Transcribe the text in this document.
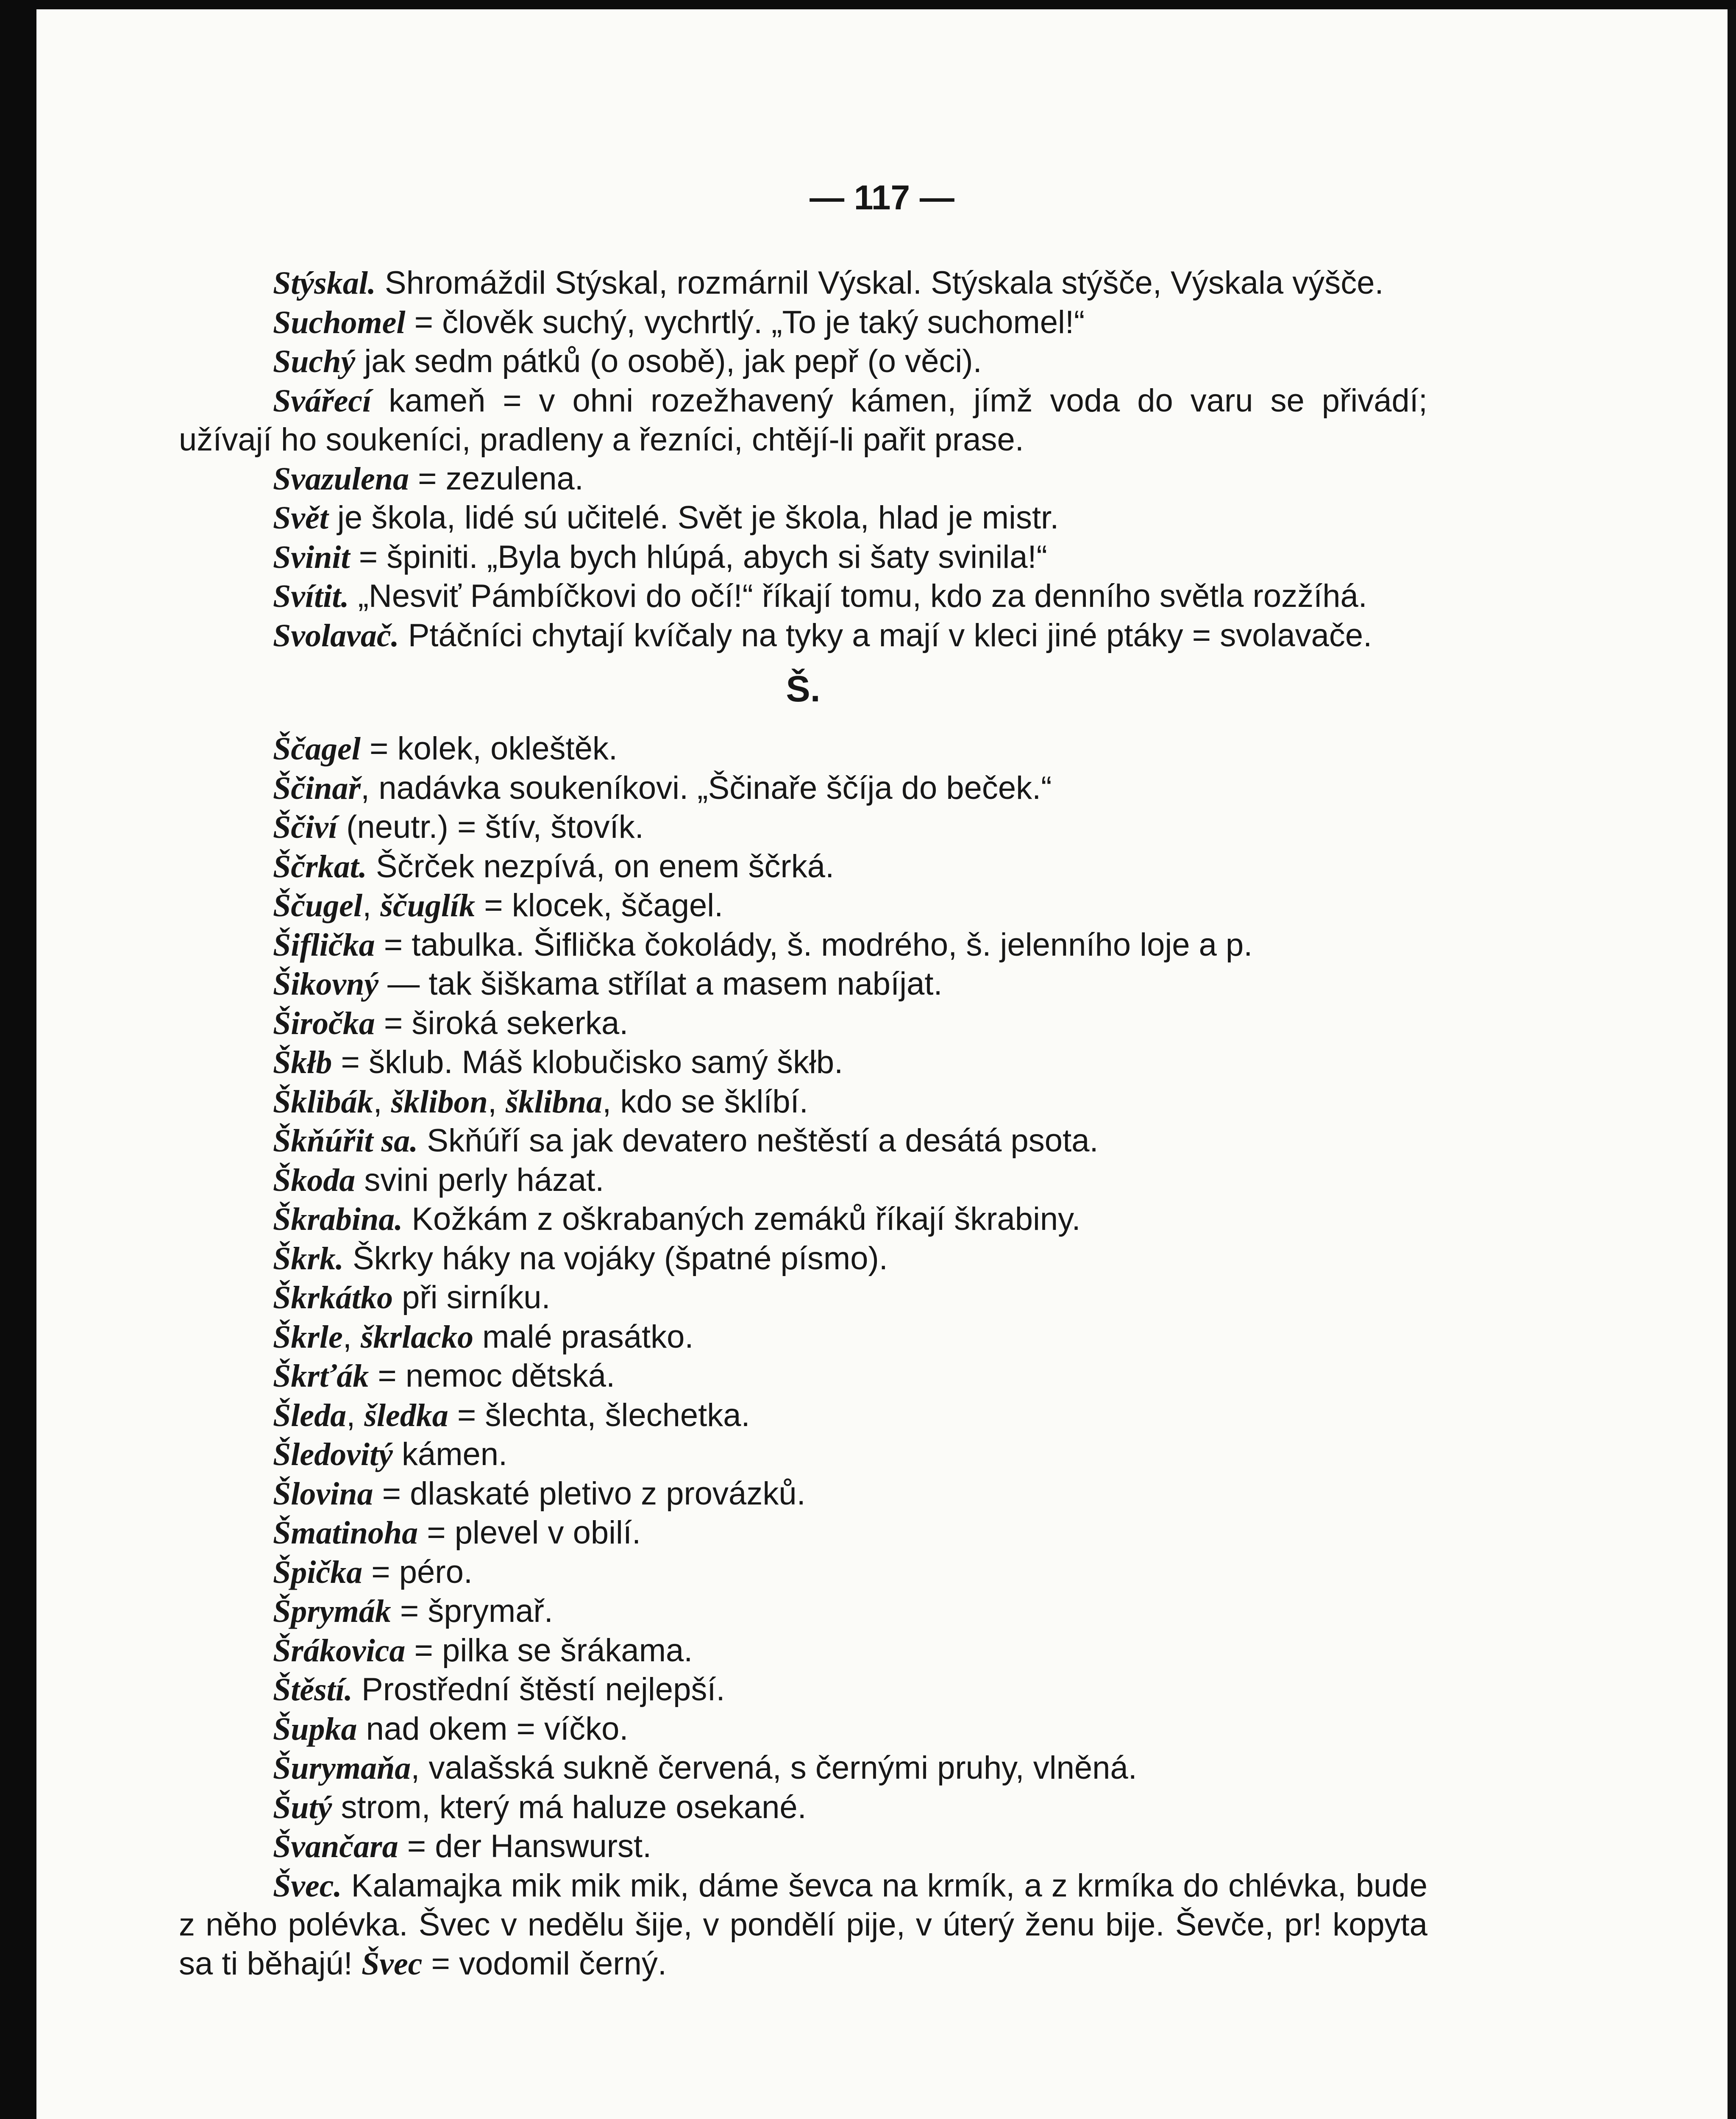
— 117 —

Stýskal. Shromáždil Stýskal, rozmárnil Výskal. Stýskala stýšče, Výskala výšče.

Suchomel = člověk suchý, vychrtlý. „To je taký suchomel!“

Suchý jak sedm pátků (o osobě), jak pepř (o věci).

Svářecí kameň = v ohni rozežhavený kámen, jímž voda do varu se přivádí; užívají ho soukeníci, pradleny a řezníci, chtějí-li pařit prase.

Svazulena = zezulena.

Svět je škola, lidé sú učitelé. Svět je škola, hlad je mistr.

Svinit = špiniti. „Byla bych hlúpá, abych si šaty svinila!“

Svítit. „Nesviť Pámbíčkovi do očí!“ říkají tomu, kdo za denního světla rozžíhá.

Svolavač. Ptáčníci chytají kvíčaly na tyky a mají v kleci jiné ptáky = svolavače.

Š.

Ščagel = kolek, okleštěk.

Ščinař, nadávka soukeníkovi. „Ščinaře ščíja do beček.“

Ščiví (neutr.) = štív, štovík.

Ščrkat. Ščrček nezpívá, on enem ščrká.

Ščugel, ščuglík = klocek, ščagel.

Šiflička = tabulka. Šiflička čokolády, š. modrého, š. jelenního loje a p.

Šikovný — tak šiškama střílat a masem nabíjat.

Širočka = široká sekerka.

Škłb = šklub. Máš klobučisko samý škłb.

Šklibák, šklibon, šklibna, kdo se šklíbí.

Škňúřit sa. Skňúří sa jak devatero neštěstí a desátá psota.

Škoda svini perly házat.

Škrabina. Kožkám z oškrabaných zemáků říkají škrabiny.

Škrk. Škrky háky na vojáky (špatné písmo).

Škrkátko při sirníku.

Škrle, škrlacko malé prasátko.

Škrťák = nemoc dětská.

Šleda, šledka = šlechta, šlechetka.

Šledovitý kámen.

Šlovina = dlaskaté pletivo z provázků.

Šmatinoha = plevel v obilí.

Špička = péro.

Šprymák = šprymař.

Šrákovica = pilka se šrákama.

Štěstí. Prostřední štěstí nejlepší.

Šupka nad okem = víčko.

Šurymaňa, valašská sukně červená, s černými pruhy, vlněná.

Šutý strom, který má haluze osekané.

Švančara = der Hanswurst.

Švec. Kalamajka mik mik mik, dáme ševca na krmík, a z krmíka do chlévka, bude z něho polévka. Švec v nedělu šije, v pondělí pije, v úterý ženu bije. Ševče, pr! kopyta sa ti běhajú! Švec = vodomil černý.
